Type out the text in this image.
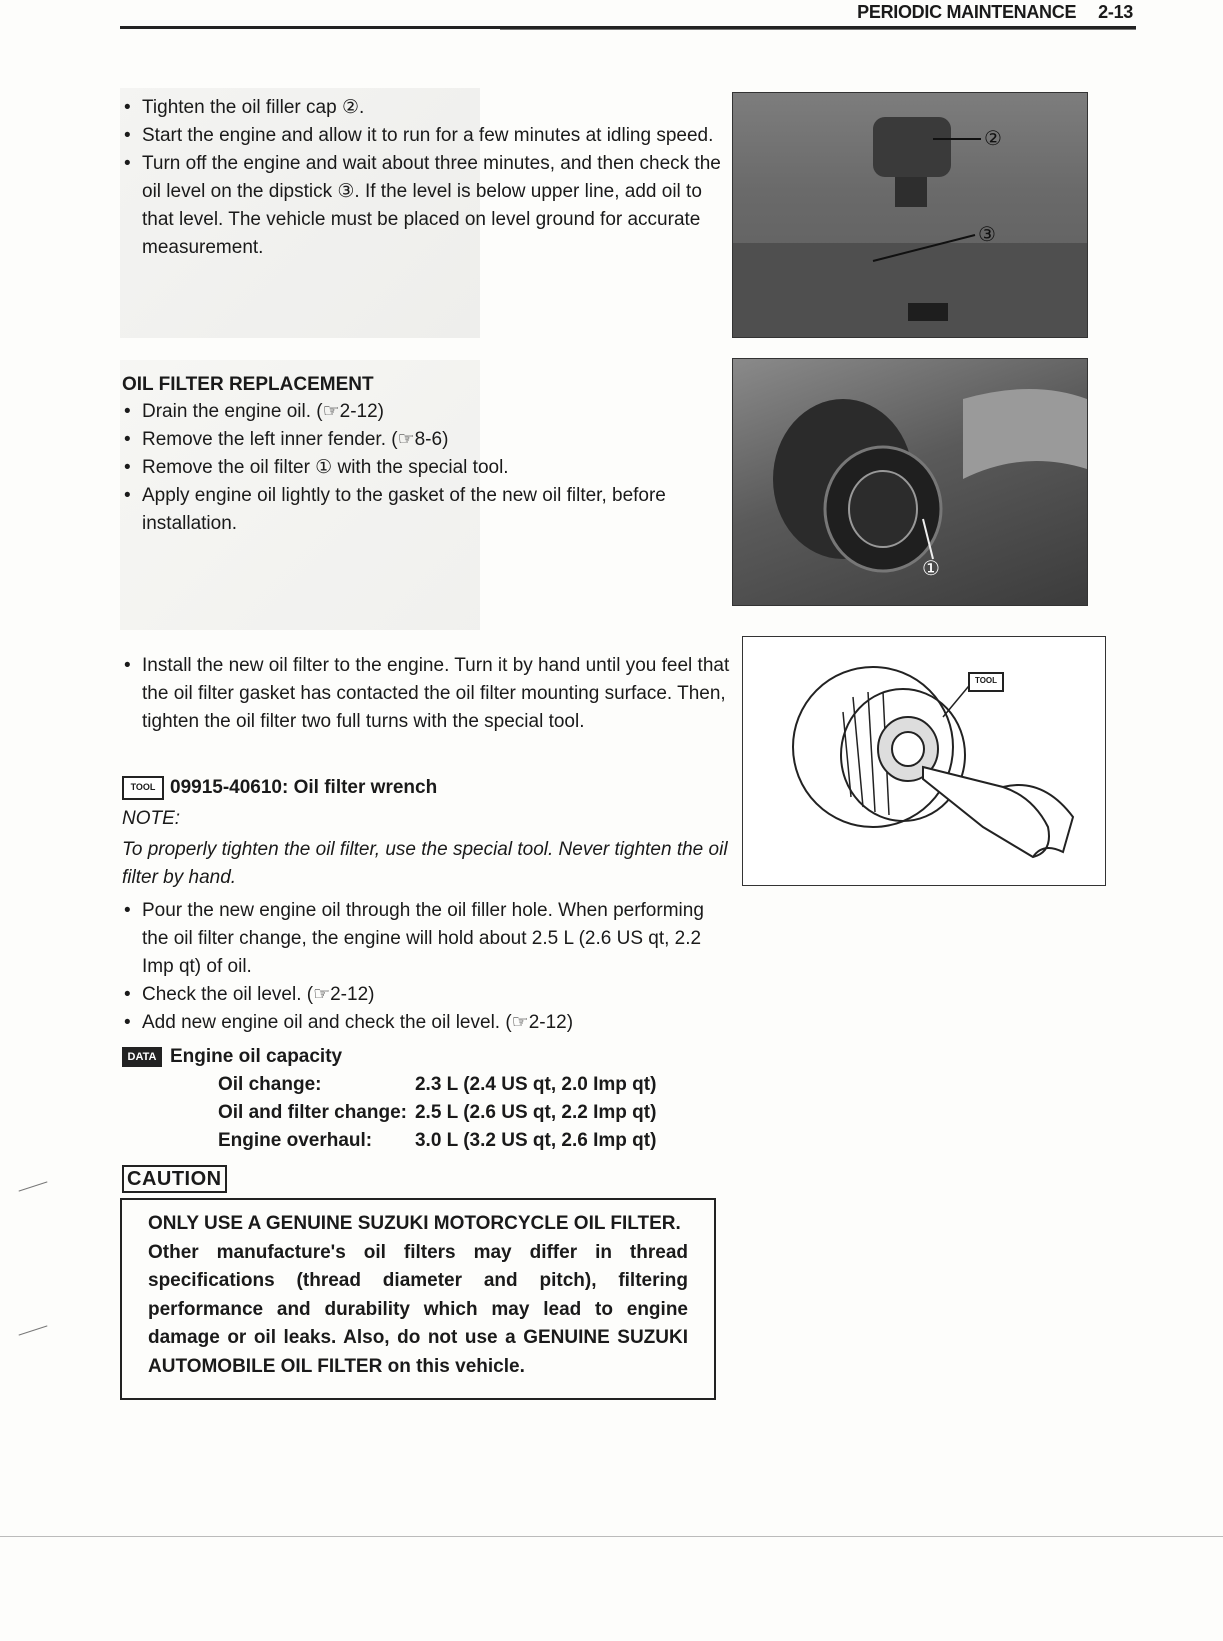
PERIODIC MAINTENANCE 2-13
• Tighten the oil filler cap ②.
• Start the engine and allow it to run for a few minutes at idling speed.
• Turn off the engine and wait about three minutes, and then check the oil level on the dipstick ③. If the level is below upper line, add oil to that level. The vehicle must be placed on level ground for accurate measurement.
②
③
OIL FILTER REPLACEMENT
• Drain the engine oil. (☞2-12)
• Remove the left inner fender. (☞8-6)
• Remove the oil filter ① with the special tool.
• Apply engine oil lightly to the gasket of the new oil filter, before installation.
①
• Install the new oil filter to the engine. Turn it by hand until you feel that the oil filter gasket has contacted the oil filter mounting surface. Then, tighten the oil filter two full turns with the special tool.
TOOL 09915-40610: Oil filter wrench
NOTE:
To properly tighten the oil filter, use the special tool. Never tighten the oil filter by hand.
TOOL
• Pour the new engine oil through the oil filler hole. When performing the oil filter change, the engine will hold about 2.5 L (2.6 US qt, 2.2 Imp qt) of oil.
• Check the oil level. (☞2-12)
• Add new engine oil and check the oil level. (☞2-12)
DATA Engine oil capacity
Oil change:	2.3 L (2.4 US qt, 2.0 Imp qt)
Oil and filter change:	2.5 L (2.6 US qt, 2.2 Imp qt)
Engine overhaul:	3.0 L (3.2 US qt, 2.6 Imp qt)
CAUTION

ONLY USE A GENUINE SUZUKI MOTORCYCLE OIL FILTER.

Other manufacture's oil filters may differ in thread specifications (thread diameter and pitch), filtering performance and durability which may lead to engine damage or oil leaks. Also, do not use a GENUINE SUZUKI AUTOMOBILE OIL FILTER on this vehicle.
